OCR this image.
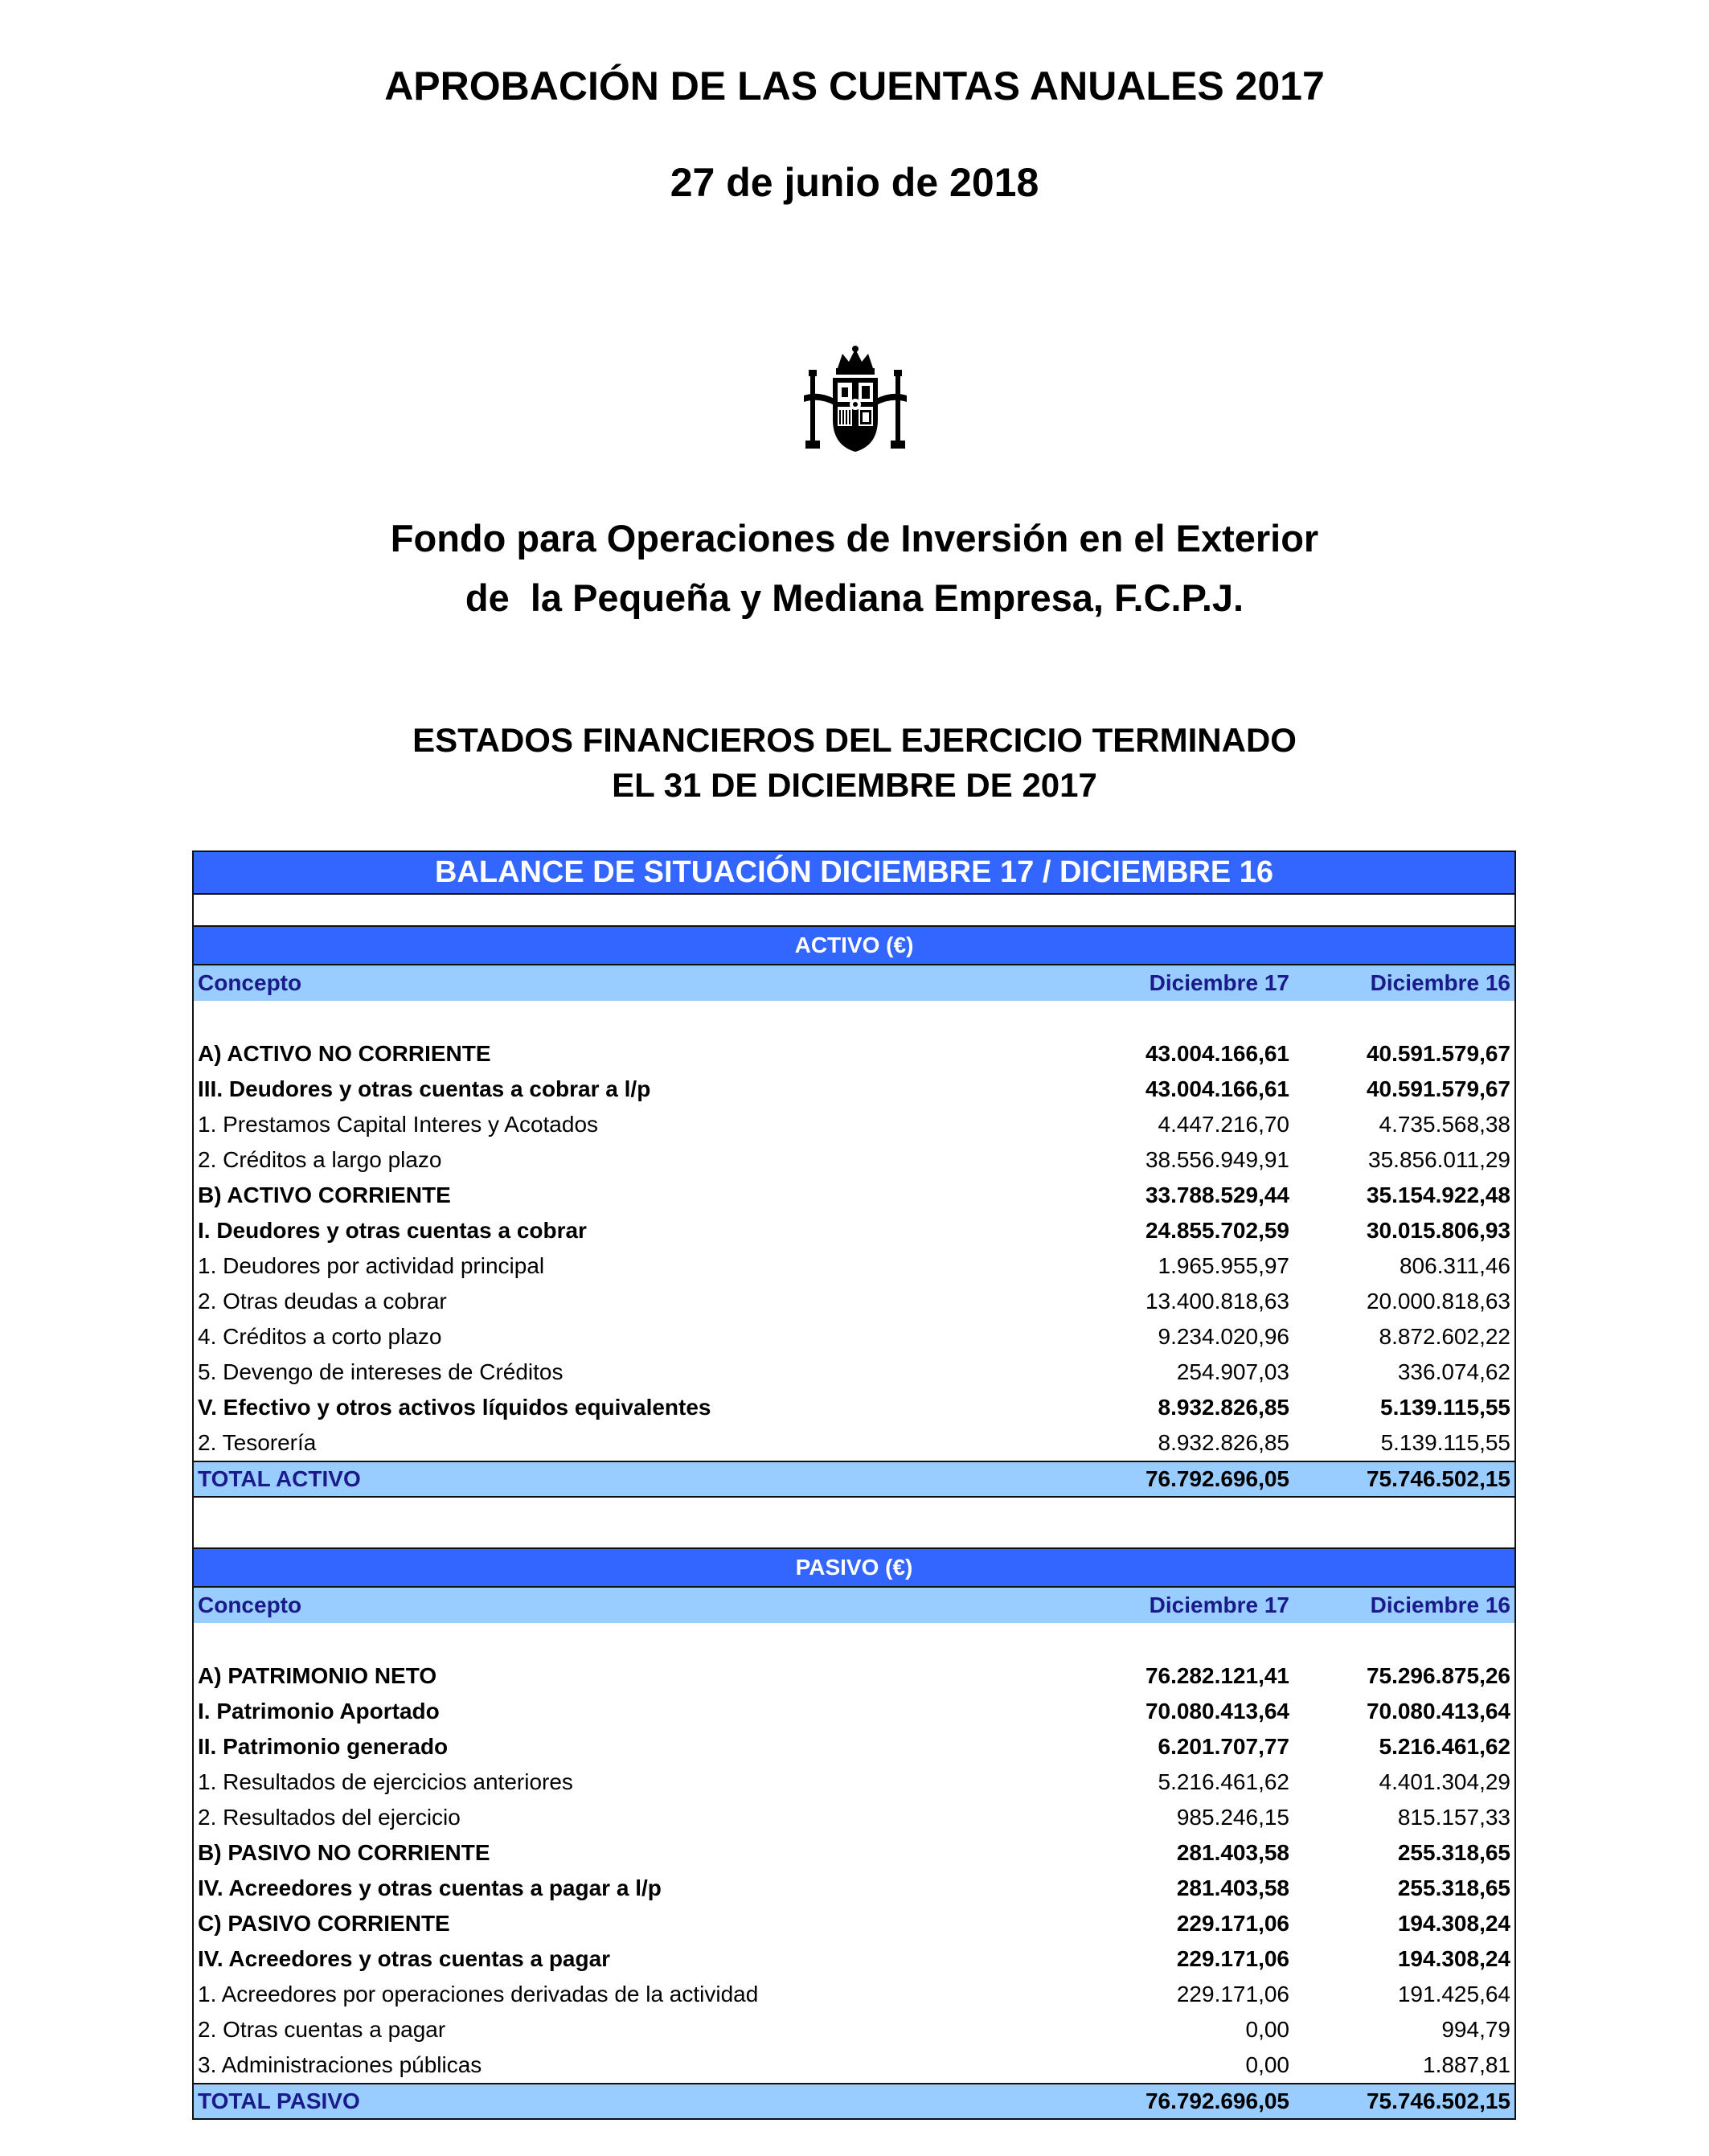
APROBACIÓN DE LAS CUENTAS ANUALES 2017
27 de junio de 2018
Fondo para Operaciones de Inversión en el Exterior
de  la Pequeña y Mediana Empresa, F.C.P.J.
ESTADOS FINANCIEROS DEL EJERCICIO TERMINADO
EL 31 DE DICIEMBRE DE 2017
BALANCE DE SITUACIÓN DICIEMBRE 17 / DICIEMBRE 16
ACTIVO (€)
Concepto	Diciembre 17	Diciembre 16
A) ACTIVO NO CORRIENTE	43.004.166,61	40.591.579,67
III. Deudores y otras cuentas a cobrar a l/p	43.004.166,61	40.591.579,67
1. Prestamos Capital Interes y Acotados	4.447.216,70	4.735.568,38
2. Créditos a largo plazo	38.556.949,91	35.856.011,29
B) ACTIVO CORRIENTE	33.788.529,44	35.154.922,48
I. Deudores y otras cuentas a cobrar	24.855.702,59	30.015.806,93
1. Deudores por actividad principal	1.965.955,97	806.311,46
2. Otras deudas a cobrar	13.400.818,63	20.000.818,63
4. Créditos a corto plazo	9.234.020,96	8.872.602,22
5. Devengo de intereses de Créditos	254.907,03	336.074,62
V. Efectivo y otros activos líquidos equivalentes	8.932.826,85	5.139.115,55
2. Tesorería	8.932.826,85	5.139.115,55
TOTAL ACTIVO	76.792.696,05	75.746.502,15
PASIVO (€)
Concepto	Diciembre 17	Diciembre 16
A) PATRIMONIO NETO	76.282.121,41	75.296.875,26
I. Patrimonio Aportado	70.080.413,64	70.080.413,64
II. Patrimonio generado	6.201.707,77	5.216.461,62
1. Resultados de ejercicios anteriores	5.216.461,62	4.401.304,29
2. Resultados del ejercicio	985.246,15	815.157,33
B) PASIVO NO CORRIENTE	281.403,58	255.318,65
IV. Acreedores y otras cuentas a pagar a l/p	281.403,58	255.318,65
C) PASIVO CORRIENTE	229.171,06	194.308,24
IV. Acreedores y otras cuentas a pagar	229.171,06	194.308,24
1. Acreedores por operaciones derivadas de la actividad	229.171,06	191.425,64
2. Otras cuentas a pagar	0,00	994,79
3. Administraciones públicas	0,00	1.887,81
TOTAL PASIVO	76.792.696,05	75.746.502,15
